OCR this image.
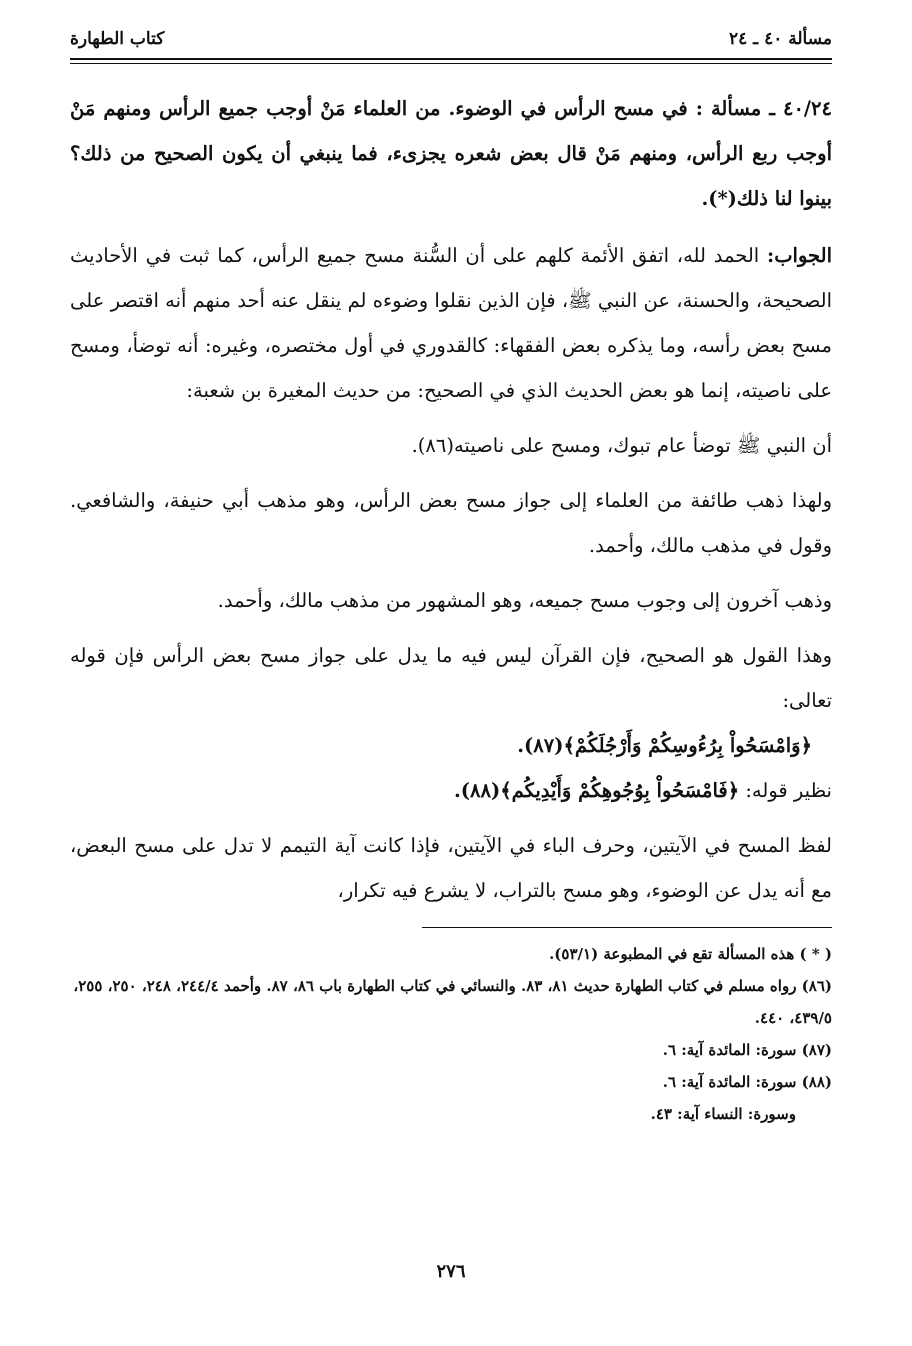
مسألة ٤٠ ـ ٢٤
كتاب الطهارة

٤٠/٢٤ ـ مسألة : في مسح الرأس في الوضوء. من العلماء مَنْ أوجب جميع الرأس ومنهم مَنْ أوجب ربع الرأس، ومنهم مَنْ قال بعض شعره يجزىء، فما ينبغي أن يكون الصحيح من ذلك؟ بينوا لنا ذلك(*).

الجواب: الحمد لله، اتفق الأئمة كلهم على أن السُّنة مسح جميع الرأس، كما ثبت في الأحاديث الصحيحة، والحسنة، عن النبي ﷺ، فإن الذين نقلوا وضوءه لم ينقل عنه أحد منهم أنه اقتصر على مسح بعض رأسه، وما يذكره بعض الفقهاء: كالقدوري في أول مختصره، وغيره: أنه توضأ، ومسح على ناصيته، إنما هو بعض الحديث الذي في الصحيح: من حديث المغيرة بن شعبة:

أن النبي ﷺ توضأ عام تبوك، ومسح على ناصيته(٨٦).

ولهذا ذهب طائفة من العلماء إلى جواز مسح بعض الرأس، وهو مذهب أبي حنيفة، والشافعي. وقول في مذهب مالك، وأحمد.

وذهب آخرون إلى وجوب مسح جميعه، وهو المشهور من مذهب مالك، وأحمد.

وهذا القول هو الصحيح، فإن القرآن ليس فيه ما يدل على جواز مسح بعض الرأس فإن قوله تعالى:

﴿وَامْسَحُواْ بِرُءُوسِكُمْ وَأَرْجُلَكُمْ﴾(٨٧).

نظير قوله: ﴿فَامْسَحُواْ بِوُجُوهِكُمْ وَأَيْدِيكُم﴾(٨٨).

لفظ المسح في الآيتين، وحرف الباء في الآيتين، فإذا كانت آية التيمم لا تدل على مسح البعض، مع أنه يدل عن الوضوء، وهو مسح بالتراب، لا يشرع فيه تكرار،

( * ) هذه المسألة تقع في المطبوعة (٥٣/١).

(٨٦) رواه مسلم في كتاب الطهارة حديث ٨١، ٨٣. والنسائي في كتاب الطهارة باب ٨٦، ٨٧. وأحمد ٢٤٤/٤، ٢٤٨، ٢٥٠، ٢٥٥، ٤٣٩/٥، ٤٤٠.

(٨٧) سورة: المائدة آية: ٦.

(٨٨) سورة: المائدة آية: ٦.

وسورة: النساء آية: ٤٣.

٢٧٦
